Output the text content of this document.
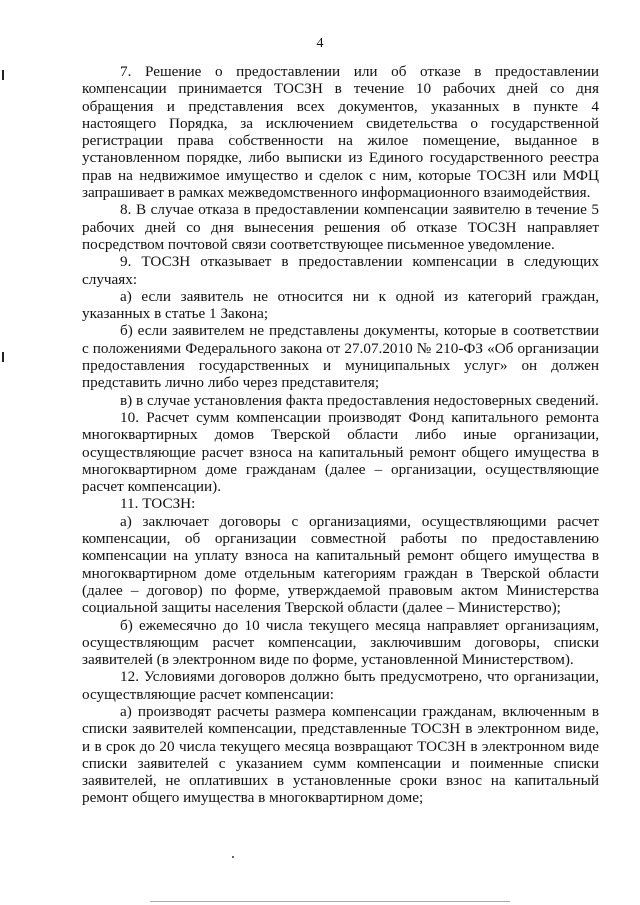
4

7. Решение о предоставлении или об отказе в предоставлении компенсации принимается ТОСЗН в течение 10 рабочих дней со дня обращения и представления всех документов, указанных в пункте 4 настоящего Порядка, за исключением свидетельства о государственной регистрации права собственности на жилое помещение, выданное в установленном порядке, либо выписки из Единого государственного реестра прав на недвижимое имущество и сделок с ним, которые ТОСЗН или МФЦ запрашивает в рамках межведомственного информационного взаимодействия.

8. В случае отказа в предоставлении компенсации заявителю в течение 5 рабочих дней со дня вынесения решения об отказе ТОСЗН направляет посредством почтовой связи соответствующее письменное уведомление.

9. ТОСЗН отказывает в предоставлении компенсации в следующих случаях:

а) если заявитель не относится ни к одной из категорий граждан, указанных в статье 1 Закона;

б) если заявителем не представлены документы, которые в соответствии с положениями Федерального закона от 27.07.2010 № 210-ФЗ «Об организации предоставления государственных и муниципальных услуг» он должен представить лично либо через представителя;

в) в случае установления факта предоставления недостоверных сведений.

10. Расчет сумм компенсации производят Фонд капитального ремонта многоквартирных домов Тверской области либо иные организации, осуществляющие расчет взноса на капитальный ремонт общего имущества в многоквартирном доме гражданам (далее – организации, осуществляющие расчет компенсации).

11. ТОСЗН:

а) заключает договоры с организациями, осуществляющими расчет компенсации, об организации совместной работы по предоставлению компенсации на уплату взноса на капитальный ремонт общего имущества в многоквартирном доме отдельным категориям граждан в Тверской области (далее – договор) по форме, утверждаемой правовым актом Министерства социальной защиты населения Тверской области (далее – Министерство);

б) ежемесячно до 10 числа текущего месяца направляет организациям, осуществляющим расчет компенсации, заключившим договоры, списки заявителей (в электронном виде по форме, установленной Министерством).

12. Условиями договоров должно быть предусмотрено, что организации, осуществляющие расчет компенсации:

а) производят расчеты размера компенсации гражданам, включенным в списки заявителей компенсации, представленные ТОСЗН в электронном виде, и в срок до 20 числа текущего месяца возвращают ТОСЗН в электронном виде списки заявителей с указанием сумм компенсации и поименные списки заявителей, не оплативших в установленные сроки взнос на капитальный ремонт общего имущества в многоквартирном доме;
